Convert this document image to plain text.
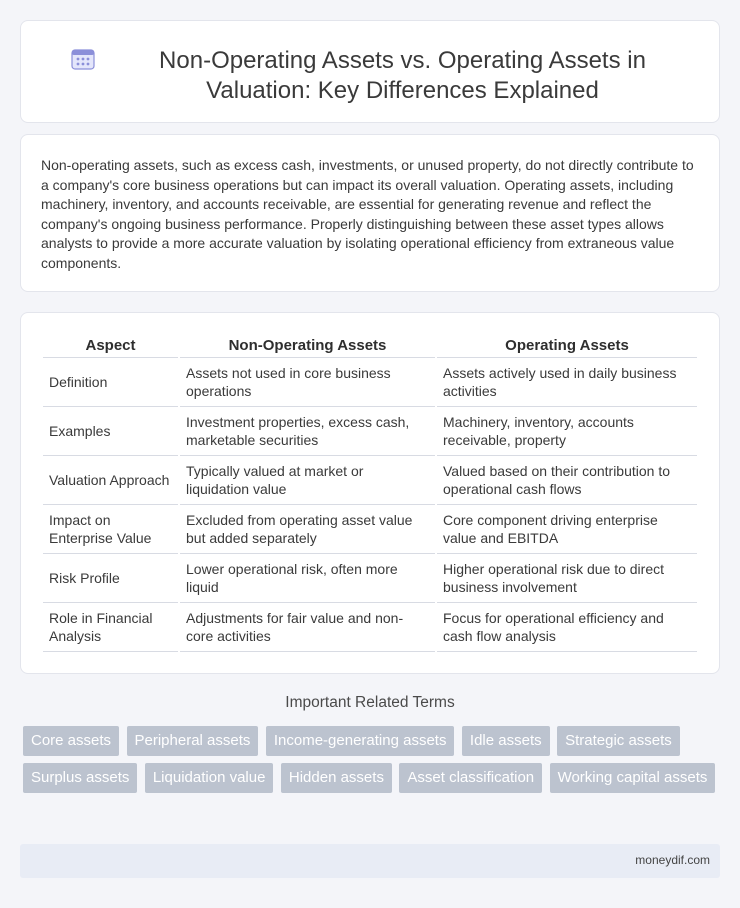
Non-Operating Assets vs. Operating Assets in Valuation: Key Differences Explained

Non-operating assets, such as excess cash, investments, or unused property, do not directly contribute to a company's core business operations but can impact its overall valuation. Operating assets, including machinery, inventory, and accounts receivable, are essential for generating revenue and reflect the company's ongoing business performance. Properly distinguishing between these asset types allows analysts to provide a more accurate valuation by isolating operational efficiency from extraneous value components.

Aspect	Non-Operating Assets	Operating Assets
Definition	Assets not used in core business operations	Assets actively used in daily business activities
Examples	Investment properties, excess cash, marketable securities	Machinery, inventory, accounts receivable, property
Valuation Approach	Typically valued at market or liquidation value	Valued based on their contribution to operational cash flows
Impact on Enterprise Value	Excluded from operating asset value but added separately	Core component driving enterprise value and EBITDA
Risk Profile	Lower operational risk, often more liquid	Higher operational risk due to direct business involvement
Role in Financial Analysis	Adjustments for fair value and non-core activities	Focus for operational efficiency and cash flow analysis
Important Related Terms
Core assets Peripheral assets Income-generating assets Idle assets Strategic assets Surplus assets Liquidation value Hidden assets Asset classification Working capital assets
moneydif.com
